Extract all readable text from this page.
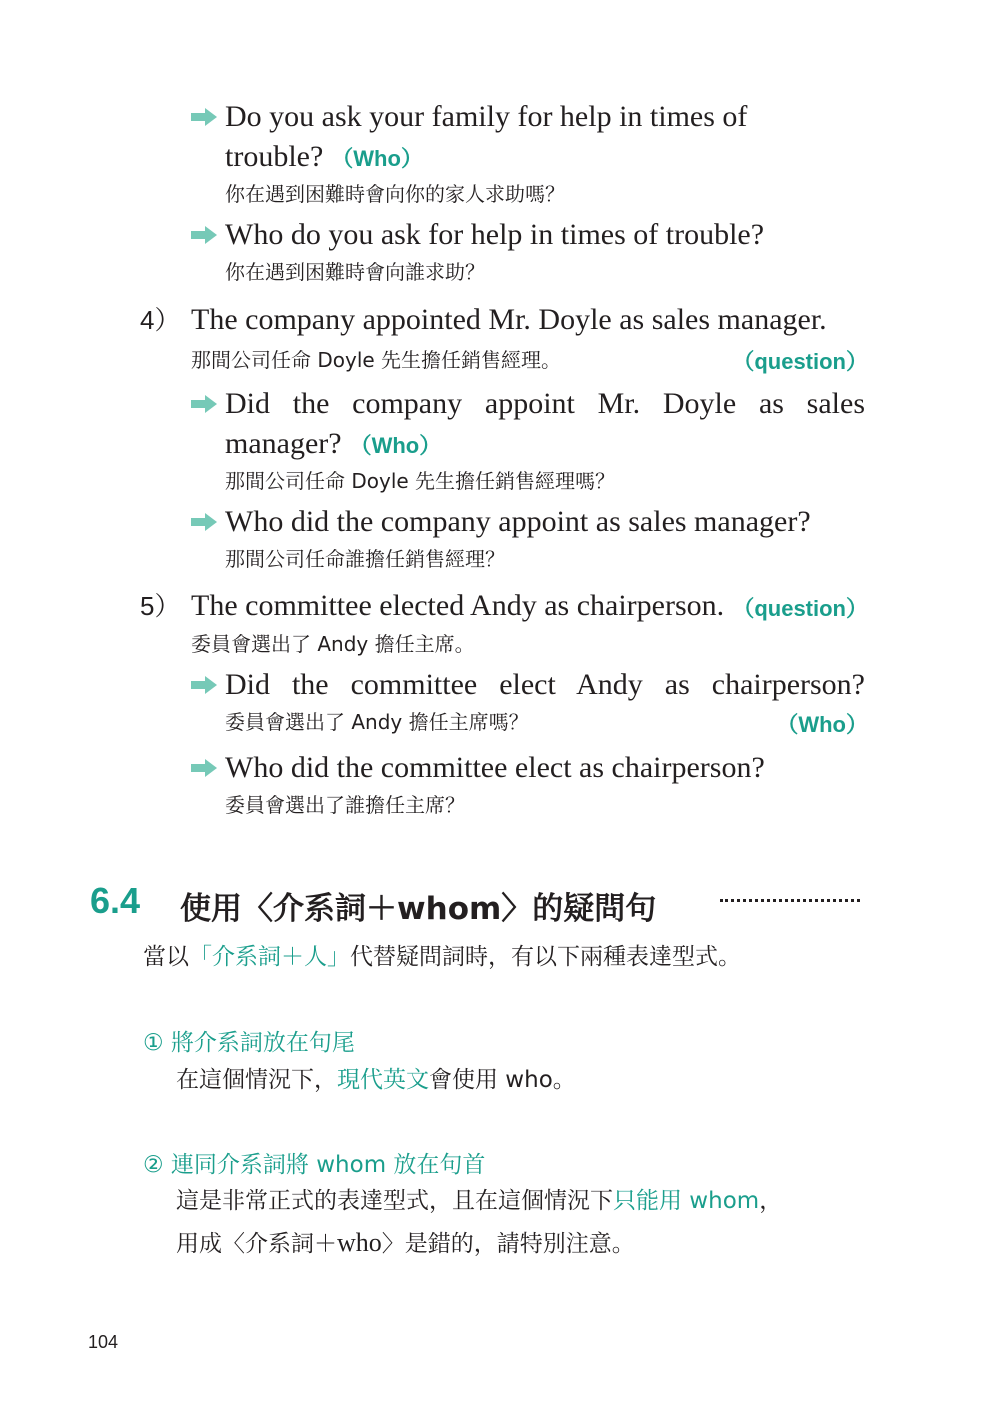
Do you ask your family for help in times of
trouble? （Who）
你在遇到困難時會向你的家人求助嗎？
Who do you ask for help in times of trouble?
你在遇到困難時會向誰求助？
4） The company appointed Mr. Doyle as sales manager.
那間公司任命 Doyle 先生擔任銷售經理。	（question）
Did the company appoint Mr. Doyle as sales
manager? （Who）
那間公司任命 Doyle 先生擔任銷售經理嗎？
Who did the company appoint as sales manager?
那間公司任命誰擔任銷售經理？
5） The committee elected Andy as chairperson. （question）
委員會選出了 Andy 擔任主席。
Did the committee elect Andy as chairperson?
委員會選出了 Andy 擔任主席嗎？	（Who）
Who did the committee elect as chairperson?
委員會選出了誰擔任主席？
6.4 使用〈介系詞＋whom〉的疑問句
當以「介系詞＋人」代替疑問詞時，有以下兩種表達型式。
① 將介系詞放在句尾
在這個情況下，現代英文會使用 who。
② 連同介系詞將 whom 放在句首
這是非常正式的表達型式，且在這個情況下只能用 whom，
用成〈介系詞＋who〉是錯的，請特別注意。
104
